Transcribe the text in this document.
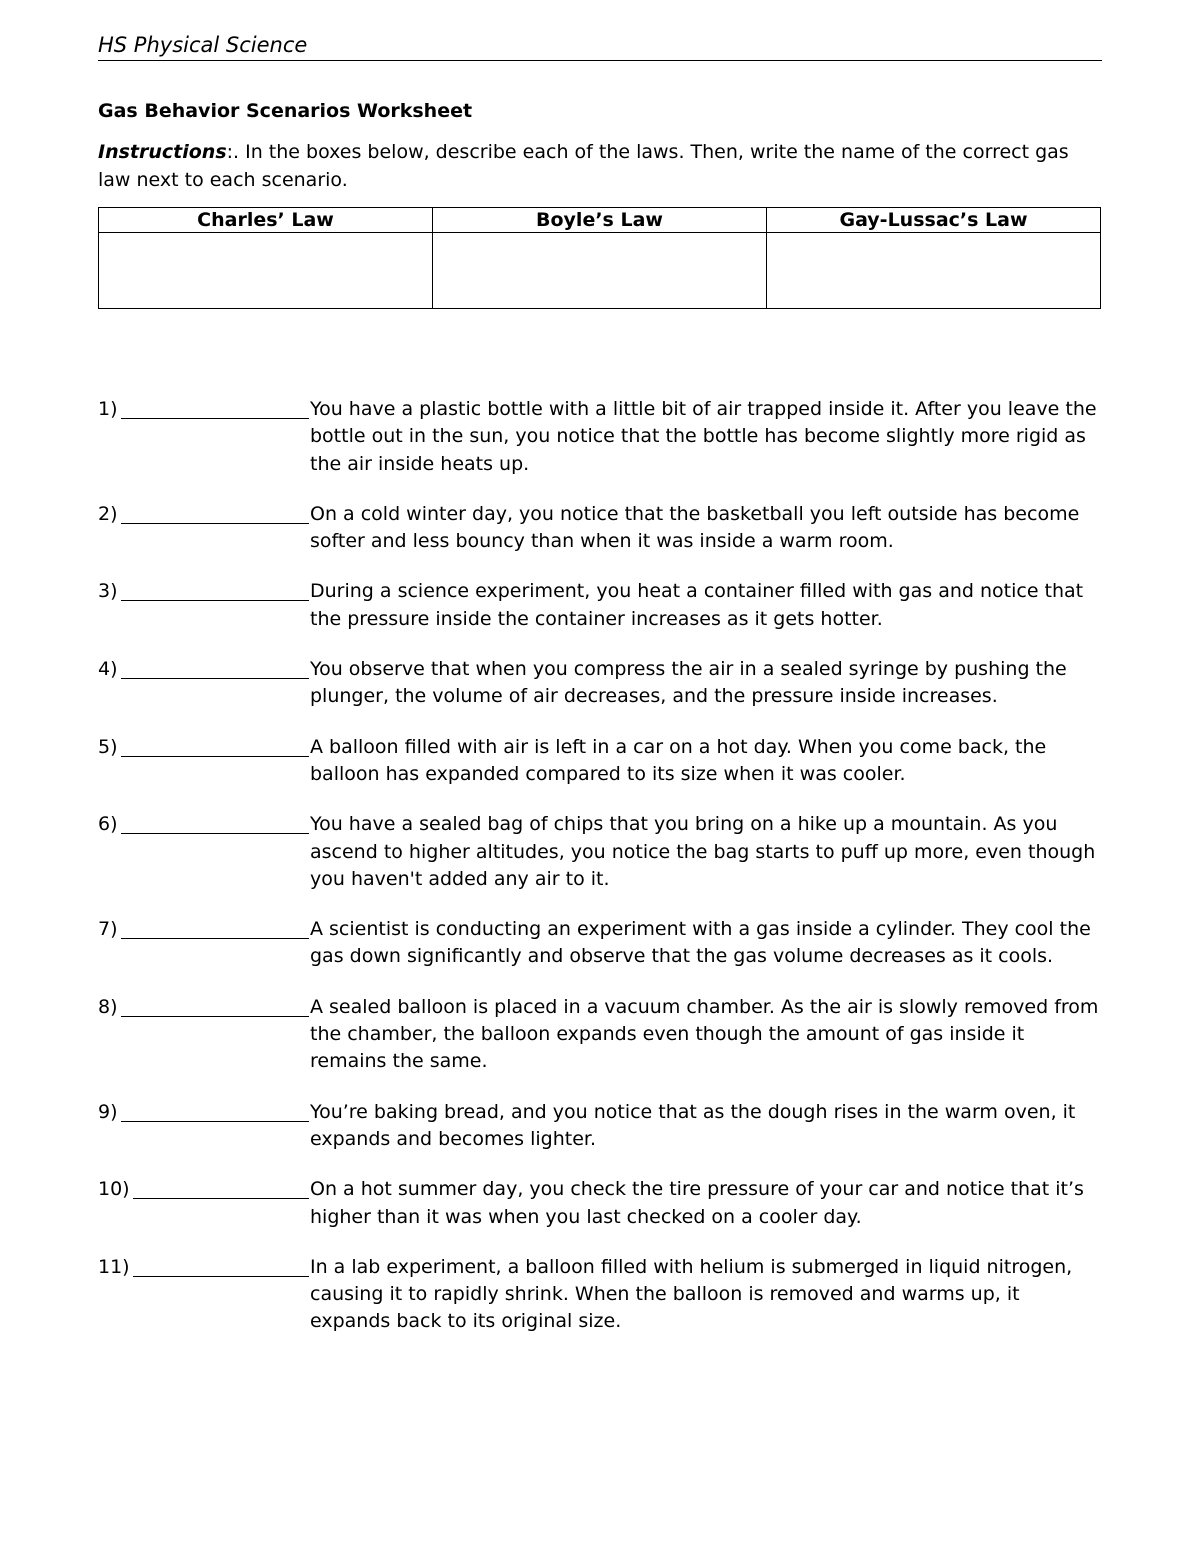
HS Physical Science
Gas Behavior Scenarios Worksheet
Instructions:. In the boxes below, describe each of the laws. Then, write the name of the correct gas law next to each scenario.
Charles’ Law	Boyle’s Law	Gay-Lussac’s Law

1)	You have a plastic bottle with a little bit of air trapped inside it. After you leave the bottle out in the sun, you notice that the bottle has become slightly more rigid as the air inside heats up.
2)	On a cold winter day, you notice that the basketball you left outside has become softer and less bouncy than when it was inside a warm room.
3)	During a science experiment, you heat a container filled with gas and notice that the pressure inside the container increases as it gets hotter.
4)	You observe that when you compress the air in a sealed syringe by pushing the plunger, the volume of air decreases, and the pressure inside increases.
5)	A balloon filled with air is left in a car on a hot day. When you come back, the balloon has expanded compared to its size when it was cooler.
6)	You have a sealed bag of chips that you bring on a hike up a mountain. As you ascend to higher altitudes, you notice the bag starts to puff up more, even though you haven't added any air to it.
7)	A scientist is conducting an experiment with a gas inside a cylinder. They cool the gas down significantly and observe that the gas volume decreases as it cools.
8)	A sealed balloon is placed in a vacuum chamber. As the air is slowly removed from the chamber, the balloon expands even though the amount of gas inside it remains the same.
9)	You’re baking bread, and you notice that as the dough rises in the warm oven, it expands and becomes lighter.
10)	On a hot summer day, you check the tire pressure of your car and notice that it’s higher than it was when you last checked on a cooler day.
11)	In a lab experiment, a balloon filled with helium is submerged in liquid nitrogen, causing it to rapidly shrink. When the balloon is removed and warms up, it expands back to its original size.
